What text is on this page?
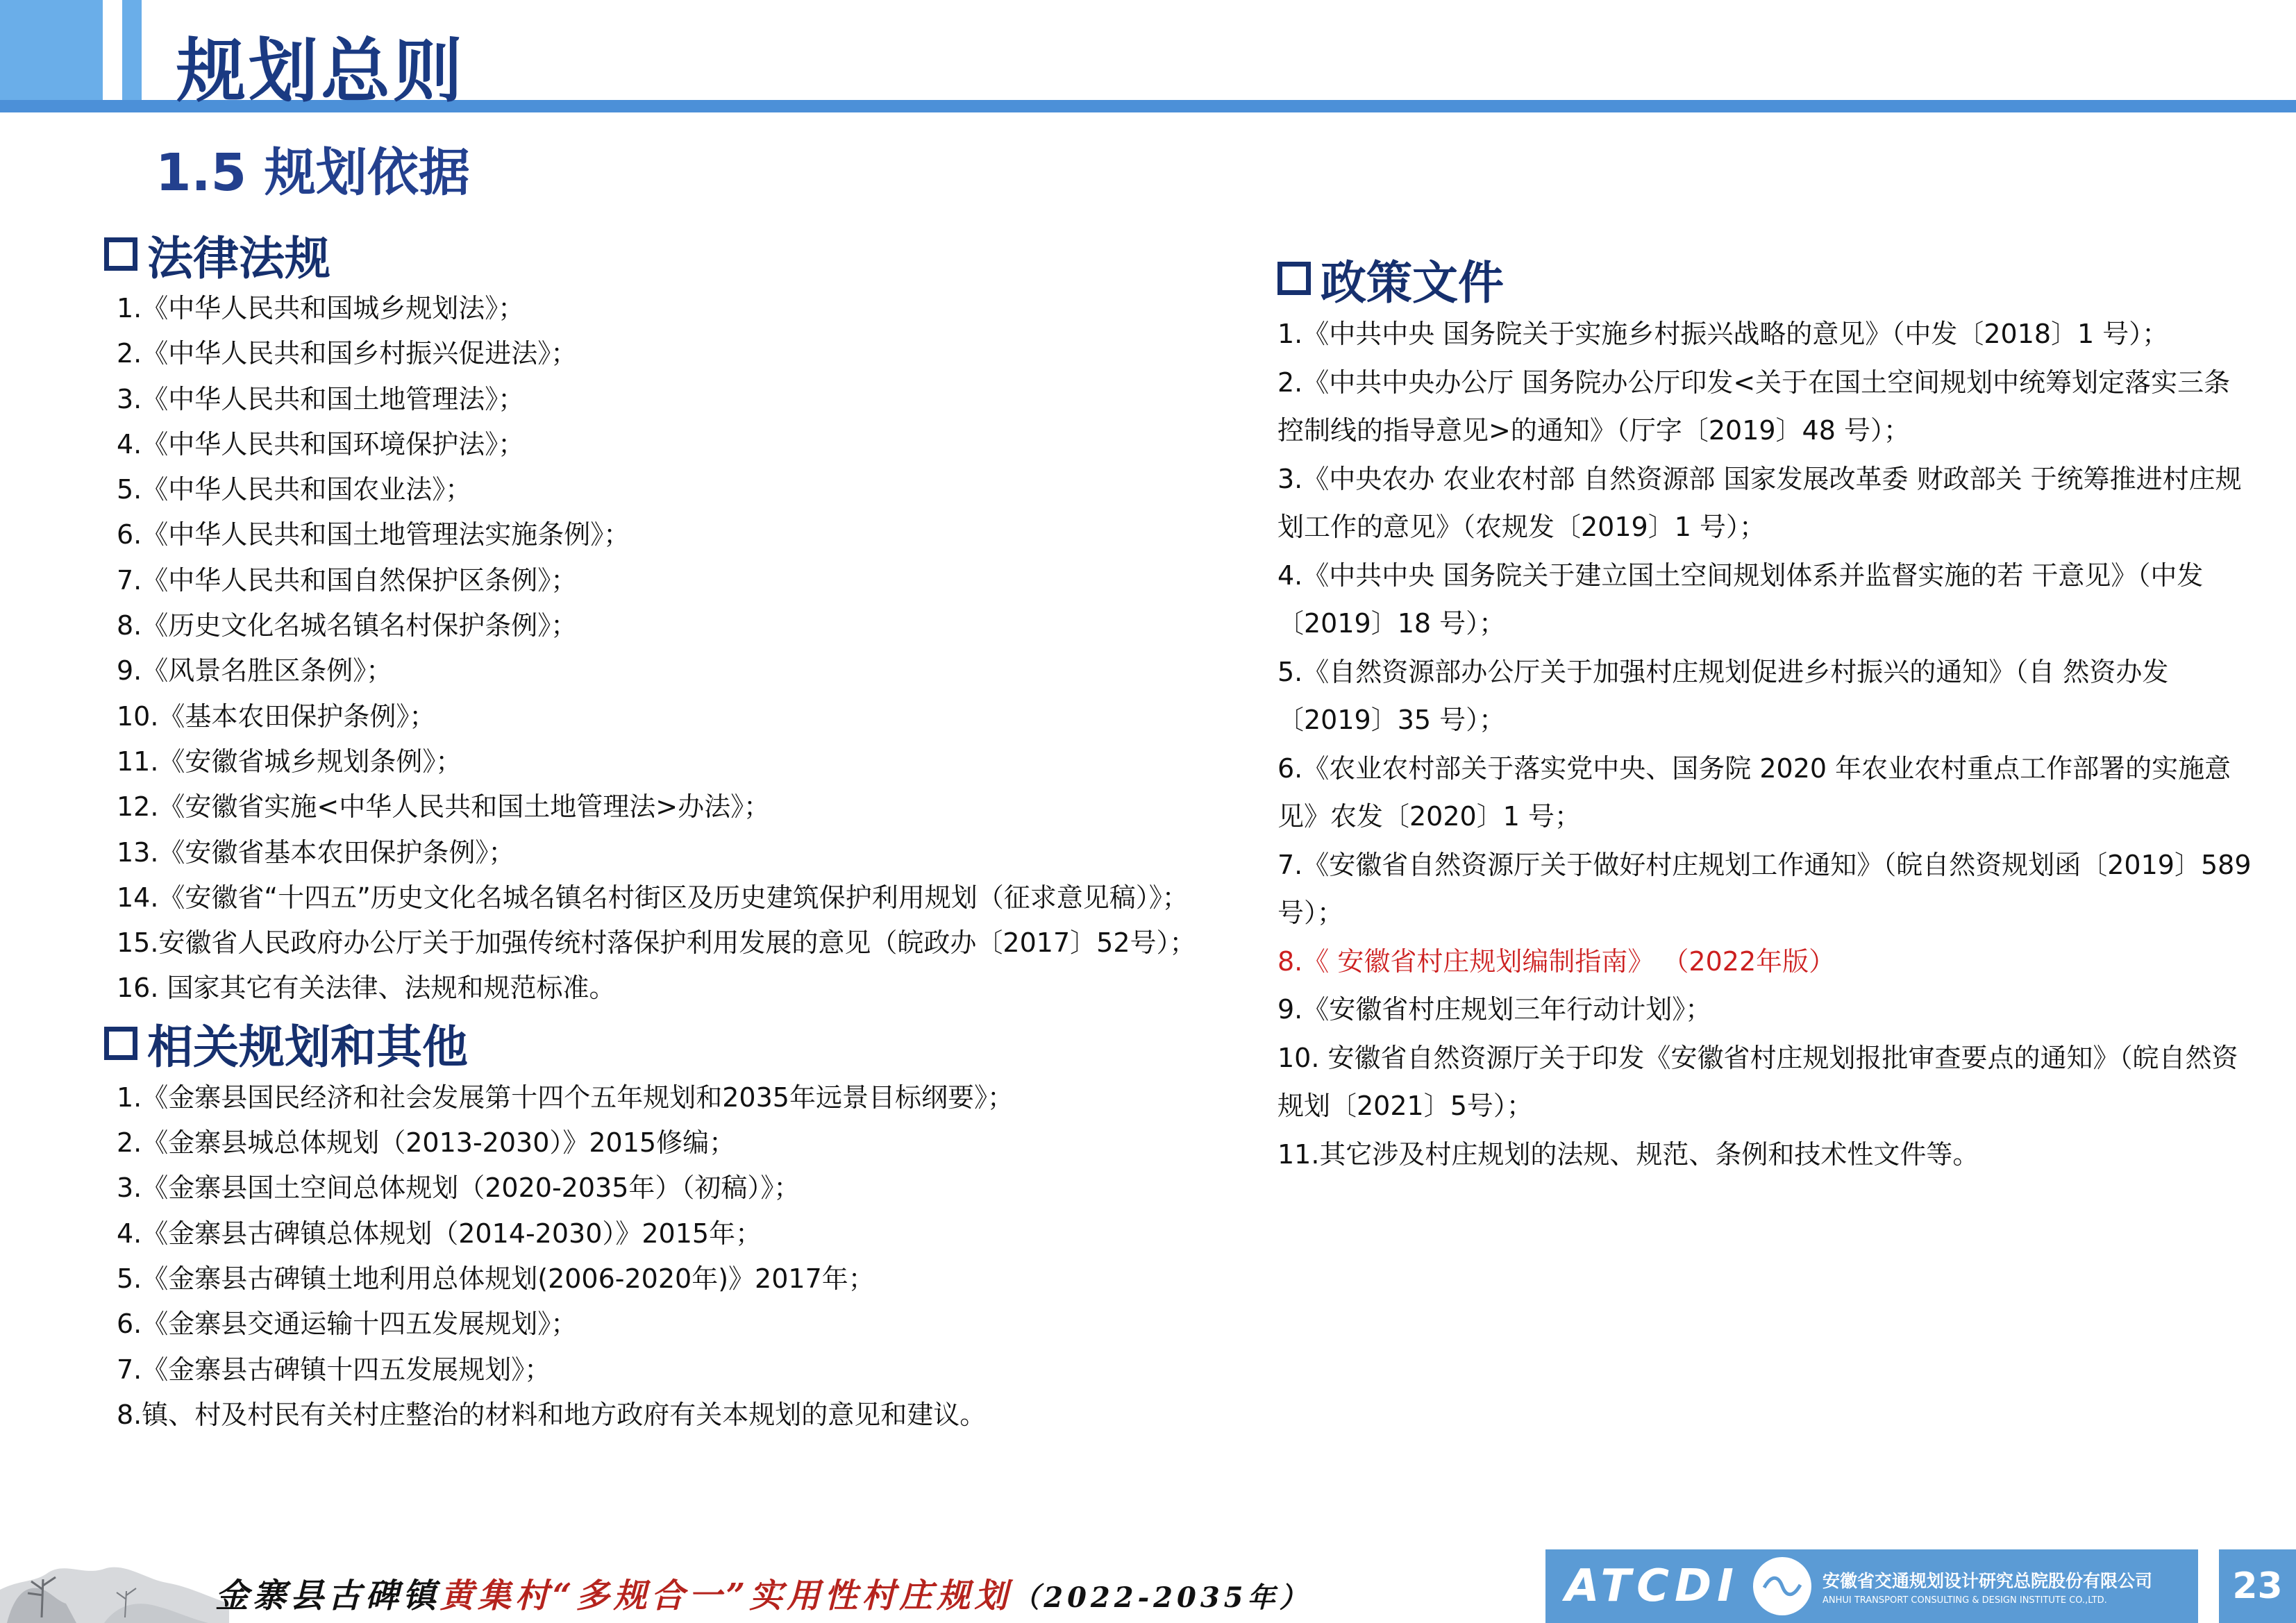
规划总则
1.5 规划依据
法律法规
1.《中华人民共和国城乡规划法》；
2.《中华人民共和国乡村振兴促进法》；
3.《中华人民共和国土地管理法》；
4.《中华人民共和国环境保护法》；
5.《中华人民共和国农业法》；
6.《中华人民共和国土地管理法实施条例》；
7.《中华人民共和国自然保护区条例》；
8.《历史文化名城名镇名村保护条例》；
9.《风景名胜区条例》；
10.《基本农田保护条例》；
11.《安徽省城乡规划条例》；
12.《安徽省实施<中华人民共和国土地管理法>办法》；
13.《安徽省基本农田保护条例》；
14.《安徽省“十四五”历史文化名城名镇名村街区及历史建筑保护利用规划（征求意见稿）》；
15.安徽省人民政府办公厅关于加强传统村落保护利用发展的意见（皖政办〔2017〕52号）；
16. 国家其它有关法律、法规和规范标准。
相关规划和其他
1.《金寨县国民经济和社会发展第十四个五年规划和2035年远景目标纲要》；
2.《金寨县城总体规划（2013-2030）》2015修编；
3.《金寨县国土空间总体规划（2020-2035年）（初稿）》；
4.《金寨县古碑镇总体规划（2014-2030）》2015年；
5.《金寨县古碑镇土地利用总体规划(2006-2020年)》2017年；
6.《金寨县交通运输十四五发展规划》；
7.《金寨县古碑镇十四五发展规划》；
8.镇、村及村民有关村庄整治的材料和地方政府有关本规划的意见和建议。
政策文件
1.《中共中央 国务院关于实施乡村振兴战略的意见》（中发〔2018〕1 号）；
2.《中共中央办公厅 国务院办公厅印发<关于在国土空间规划中统筹划定落实三条控制线的指导意见>的通知》（厅字〔2019〕48 号）；
3.《中央农办 农业农村部 自然资源部 国家发展改革委 财政部关 于统筹推进村庄规划工作的意见》（农规发〔2019〕1 号）；
4.《中共中央 国务院关于建立国土空间规划体系并监督实施的若 干意见》（中发〔2019〕18 号）；
5.《自然资源部办公厅关于加强村庄规划促进乡村振兴的通知》（自 然资办发〔2019〕35 号）；
6.《农业农村部关于落实党中央、国务院 2020 年农业农村重点工作部署的实施意见》农发〔2020〕1 号；
7.《安徽省自然资源厅关于做好村庄规划工作通知》（皖自然资规划函〔2019〕589 号）；
8.《 安徽省村庄规划编制指南》 （2022年版）
9.《安徽省村庄规划三年行动计划》；
10. 安徽省自然资源厅关于印发《安徽省村庄规划报批审查要点的通知》（皖自然资规划〔2021〕5号）；
11.其它涉及村庄规划的法规、规范、条例和技术性文件等。

金寨县古碑镇黄集村“多规合一”实用性村庄规划（2022-2035年）	ATCDI	安徽省交通规划设计研究总院股份有限公司
ANHUI TRANSPORT CONSULTING & DESIGN INSTITUTE CO.,LTD.	23
